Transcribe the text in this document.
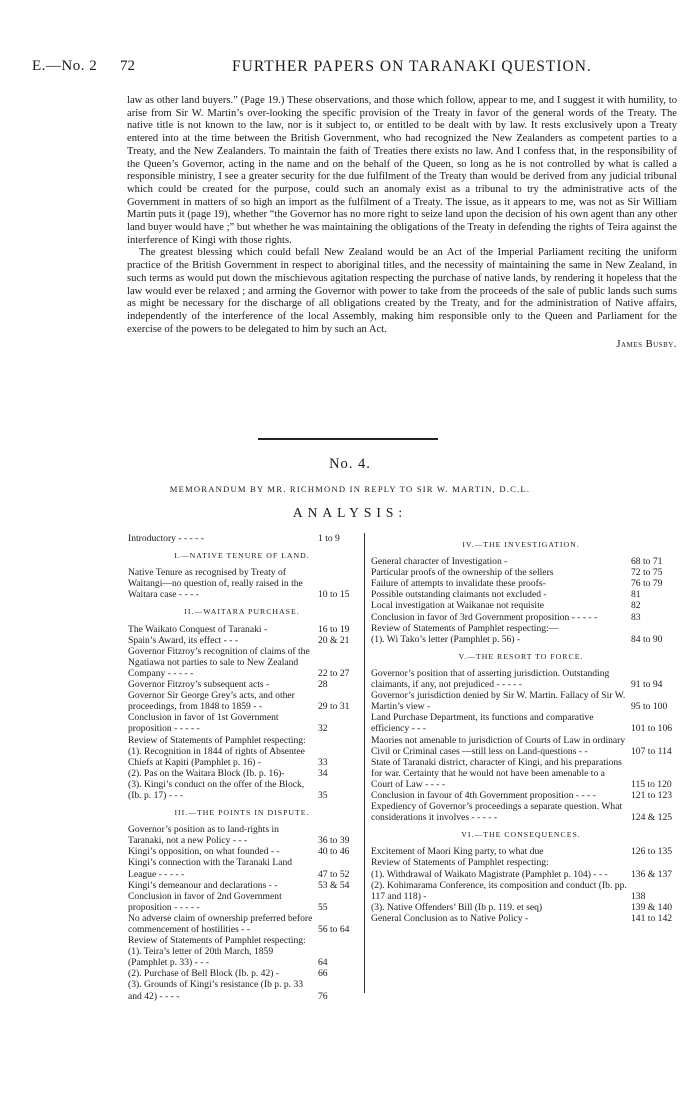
E.—No. 2 72	FURTHER PAPERS ON TARANAKI QUESTION.

law as other land buyers.” (Page 19.) These observations, and those which follow, appear to me, and I suggest it with humility, to arise from Sir W. Martin’s over-looking the specific provision of the Treaty in favor of the general words of the Treaty. The native title is not known to the law, nor is it subject to, or entitled to be dealt with by law. It rests exclusively upon a Treaty entered into at the time between the British Government, who had recognized the New Zealanders as competent parties to a Treaty, and the New Zealanders. To maintain the faith of Treaties there exists no law. And I confess that, in the responsibility of the Queen’s Governor, acting in the name and on the behalf of the Queen, so long as he is not controlled by what is called a responsible ministry, I see a greater security for the due fulfilment of the Treaty than would be derived from any judicial tribunal which could be created for the purpose, could such an anomaly exist as a tribunal to try the administrative acts of the Government in matters of so high an import as the fulfilment of a Treaty. The issue, as it appears to me, was not as Sir William Martin puts it (page 19), whether “the Governor has no more right to seize land upon the decision of his own agent than any other land buyer would have ;” but whether he was maintaining the obligations of the Treaty in defending the rights of Teira against the interference of Kingi with those rights.

The greatest blessing which could befall New Zealand would be an Act of the Imperial Parliament reciting the uniform practice of the British Government in respect to aboriginal titles, and the necessity of maintaining the same in New Zealand, in such terms as would put down the mischievous agitation respecting the purchase of native lands, by rendering it hopeless that the law would ever be relaxed ; and arming the Governor with power to take from the proceeds of the sale of public lands such sums as might be necessary for the discharge of all obligations created by the Treaty, and for the administration of Native affairs, independently of the interference of the local Assembly, making him responsible only to the Queen and Parliament for the exercise of the powers to be delegated to him by such an Act.

James Busby.
No. 4.
MEMORANDUM BY MR. RICHMOND IN REPLY TO SIR W. MARTIN, D.C.L.
ANALYSIS:
Introductory - - - - -	1 to 9
I.—NATIVE TENURE OF LAND.
Native Tenure as recognised by Treaty of Waitangi—no question of, really raised in the Waitara case - - - -	10 to 15
II.—WAITARA PURCHASE.
The Waikato Conquest of Taranaki -	16 to 19
Spain’s Award, its effect - - -	20 & 21
Governor Fitzroy’s recognition of claims of the Ngatiawa not parties to sale to New Zealand Company - - - - -	22 to 27
Governor Fitzroy’s subsequent acts -	28
Governor Sir George Grey’s acts, and other proceedings, from 1848 to 1859 - -	29 to 31
Conclusion in favor of 1st Government proposition - - - - -	32
Review of Statements of Pamphlet respecting:
(1). Recognition in 1844 of rights of Absentee Chiefs at Kapiti (Pamphlet p. 16) -	33
(2). Pas on the Waitara Block (Ib. p. 16)-	34
(3). Kingi’s conduct on the offer of the Block, (Ib. p. 17) - - -	35
III.—THE POINTS IN DISPUTE.
Governor’s position as to land-rights in Taranaki, not a new Policy - - -	36 to 39
Kingi’s opposition, on what founded - -	40 to 46
Kingi’s connection with the Taranaki Land League - - - - -	47 to 52
Kingi’s demeanour and declarations - -	53 & 54
Conclusion in favor of 2nd Government proposition - - - - -	55
No adverse claim of ownership preferred before commencement of hostilities - -	56 to 64
Review of Statements of Pamphlet respecting:
(1). Teira’s letter of 20th March, 1859 (Pamphlet p. 33) - - -	64
(2). Purchase of Bell Block (Ib. p. 42) -	66
(3). Grounds of Kingi’s resistance (Ib p. p. 33 and 42) - - - -	76
IV.—THE INVESTIGATION.
General character of Investigation -	68 to 71
Particular proofs of the ownership of the sellers	72 to 75
Failure of attempts to invalidate these proofs-	76 to 79
Possible outstanding claimants not excluded -	81
Local investigation at Waikanae not requisite	82
Conclusion in favor of 3rd Government proposition - - - - -	83
Review of Statements of Pamphlet respecting:—
(1). Wi Tako’s letter (Pamphlet p. 56) -	84 to 90
V.—THE RESORT TO FORCE.
Governor’s position that of asserting jurisdiction. Outstanding claimants, if any, not prejudiced - - - - -	91 to 94
Governor’s jurisdiction denied by Sir W. Martin. Fallacy of Sir W. Martin’s view -	95 to 100
Land Purchase Department, its functions and comparative efficiency - - -	101 to 106
Maories not amenable to jurisdiction of Courts of Law in ordinary Civil or Criminal cases —still less on Land-questions - -	107 to 114
State of Taranaki district, character of Kingi, and his preparations for war. Certainty that he would not have been amenable to a Court of Law - - - -	115 to 120
Conclusion in favour of 4th Government proposition - - - -	121 to 123
Expediency of Governor’s proceedings a separate question. What considerations it involves - - - - -	124 & 125
VI.—THE CONSEQUENCES.
Excitement of Maori King party, to what due	126 to 135
Review of Statements of Pamphlet respecting:
(1). Withdrawal of Waikato Magistrate (Pamphlet p. 104) - - -	136 & 137
(2). Kohimarama Conference, its composition and conduct (Ib. pp. 117 and 118) -	138
(3). Native Offenders’ Bill (Ib p. 119. et seq)	139 & 140
General Conclusion as to Native Policy -	141 to 142
